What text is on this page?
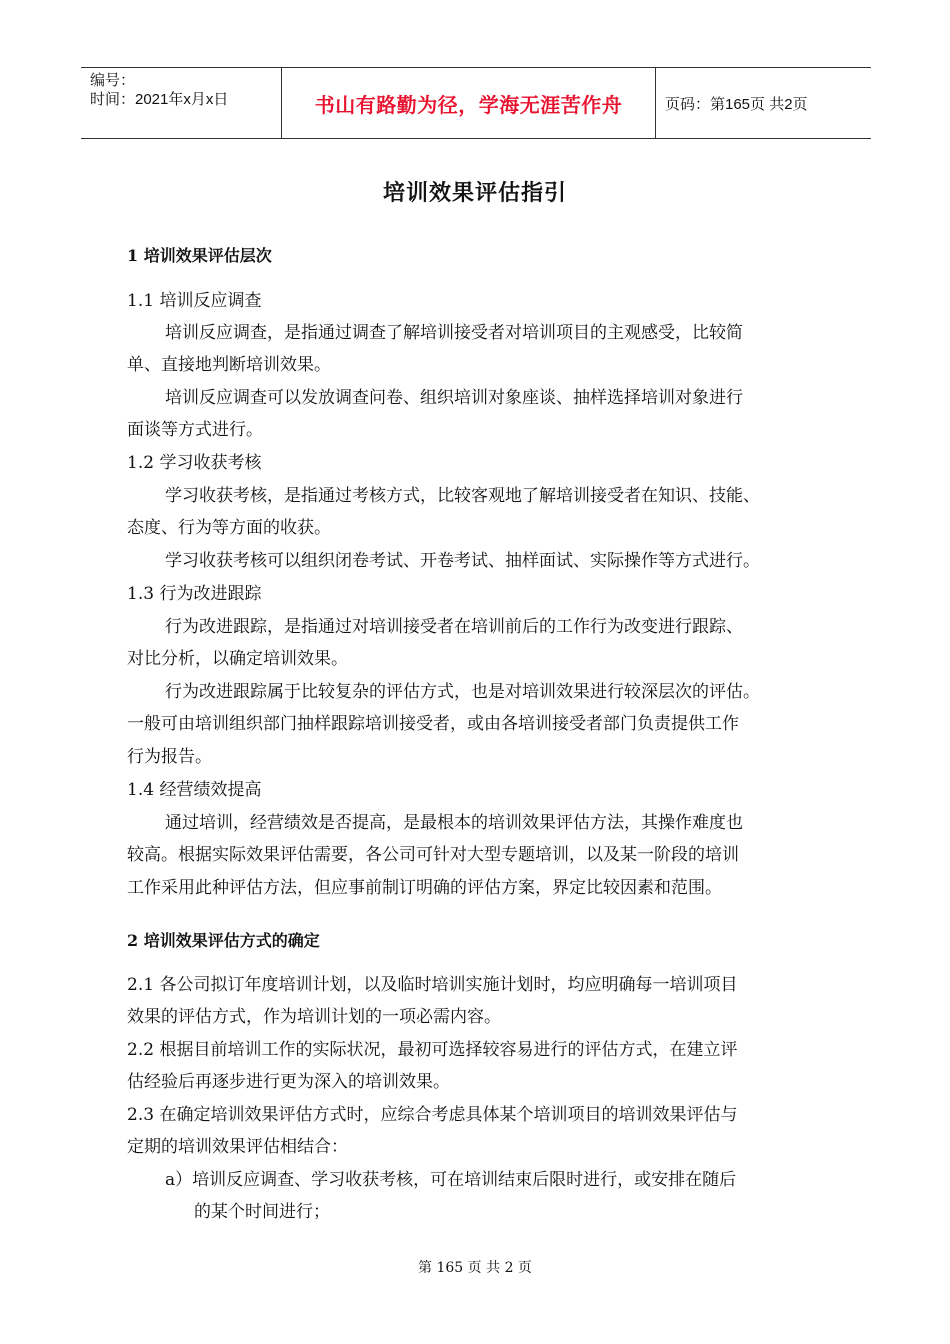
编号：
时间：2021年x月x日	书山有路勤为径，学海无涯苦作舟	页码：第165页 共2页
培训效果评估指引
1 培训效果评估层次
1.1 培训反应调查
培训反应调查，是指通过调查了解培训接受者对培训项目的主观感受，比较简
单、直接地判断培训效果。
培训反应调查可以发放调查问卷、组织培训对象座谈、抽样选择培训对象进行
面谈等方式进行。
1.2 学习收获考核
学习收获考核，是指通过考核方式，比较客观地了解培训接受者在知识、技能、
态度、行为等方面的收获。
学习收获考核可以组织闭卷考试、开卷考试、抽样面试、实际操作等方式进行。
1.3 行为改进跟踪
行为改进跟踪，是指通过对培训接受者在培训前后的工作行为改变进行跟踪、
对比分析，以确定培训效果。
行为改进跟踪属于比较复杂的评估方式，也是对培训效果进行较深层次的评估。
一般可由培训组织部门抽样跟踪培训接受者，或由各培训接受者部门负责提供工作
行为报告。
1.4 经营绩效提高
通过培训，经营绩效是否提高，是最根本的培训效果评估方法，其操作难度也
较高。根据实际效果评估需要，各公司可针对大型专题培训，以及某一阶段的培训
工作采用此种评估方法，但应事前制订明确的评估方案，界定比较因素和范围。
2 培训效果评估方式的确定
2.1 各公司拟订年度培训计划，以及临时培训实施计划时，均应明确每一培训项目
效果的评估方式，作为培训计划的一项必需内容。
2.2 根据目前培训工作的实际状况，最初可选择较容易进行的评估方式，在建立评
估经验后再逐步进行更为深入的培训效果。
2.3 在确定培训效果评估方式时，应综合考虑具体某个培训项目的培训效果评估与
定期的培训效果评估相结合：
a）培训反应调查、学习收获考核，可在培训结束后限时进行，或安排在随后
的某个时间进行；
第 165 页 共 2 页
